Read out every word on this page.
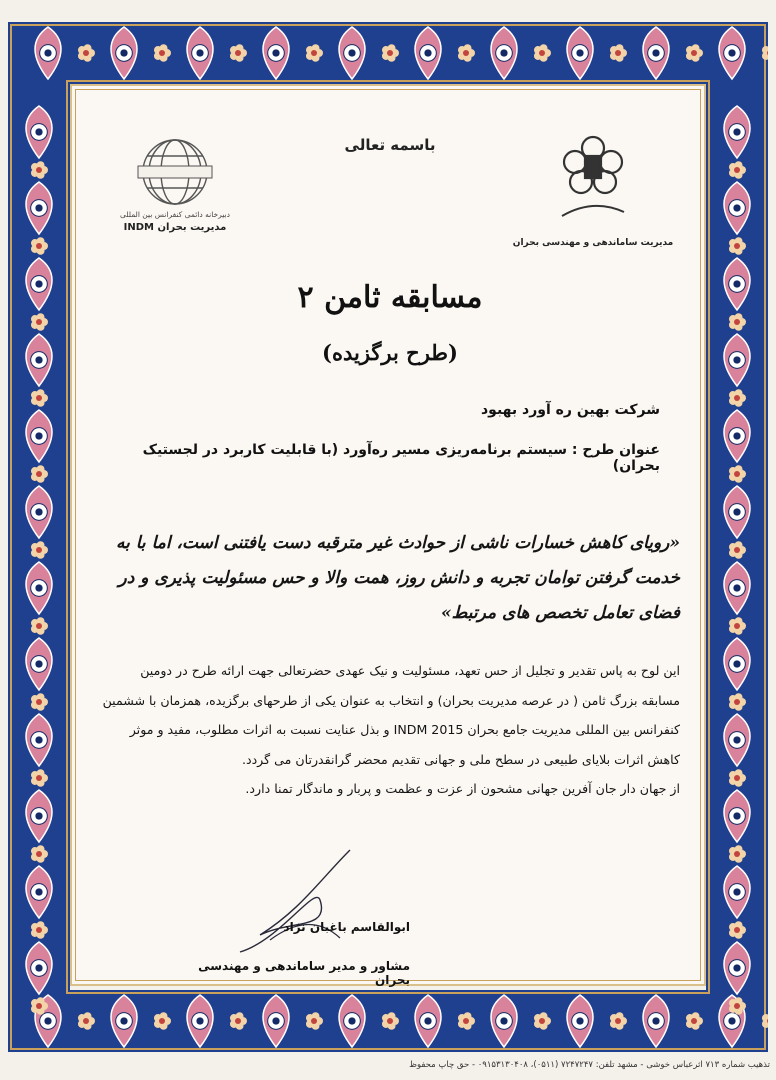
باسمه تعالی
مدیریت ساماندهی و مهندسی بحران
دبیرخانه دائمی کنفرانس بین المللی
مدیریت بحران INDM
مسابقه ثامن ۲
(طرح برگزیده)
شرکت بهین ره آورد بهبود
عنوان طرح : سیستم برنامه‌ریزی مسیر ره‌آورد (با قابلیت کاربرد در لجستیک بحران)
«رویای کاهش خسارات ناشی از حوادث غیر مترقبه دست یافتنی است، اما با به خدمت گرفتن توامان تجربه و دانش روز، همت والا و حس مسئولیت پذیری و در فضای تعامل تخصص های مرتبط»
این لوح به پاس تقدیر و تجلیل از حس تعهد، مسئولیت و نیک عهدی حضرتعالی جهت ارائه طرح در دومین مسابقه بزرگ ثامن ( در عرصه مدیریت بحران) و انتخاب به عنوان یکی از طرحهای برگزیده، همزمان با ششمین کنفرانس بین المللی مدیریت جامع بحران INDM 2015 و بذل عنایت نسبت به اثرات مطلوب، مفید و موثر کاهش اثرات بلایای طبیعی در سطح ملی و جهانی تقدیم محضر گرانقدرتان می گردد.
از جهان دار جان آفرین جهانی مشحون از عزت و عظمت و پربار و ماندگار تمنا دارد.
ابوالقاسم باغبان نژاد
مشاور و مدیر ساماندهی و مهندسی بحران
تذهیب شماره ۷۱۳ اثرعباس خوشی - مشهد تلفن: ۷۲۴۷۲۴۷ (۰۵۱۱)، ۰۹۱۵۳۱۳۰۴۰۸ - حق چاپ محفوظ
